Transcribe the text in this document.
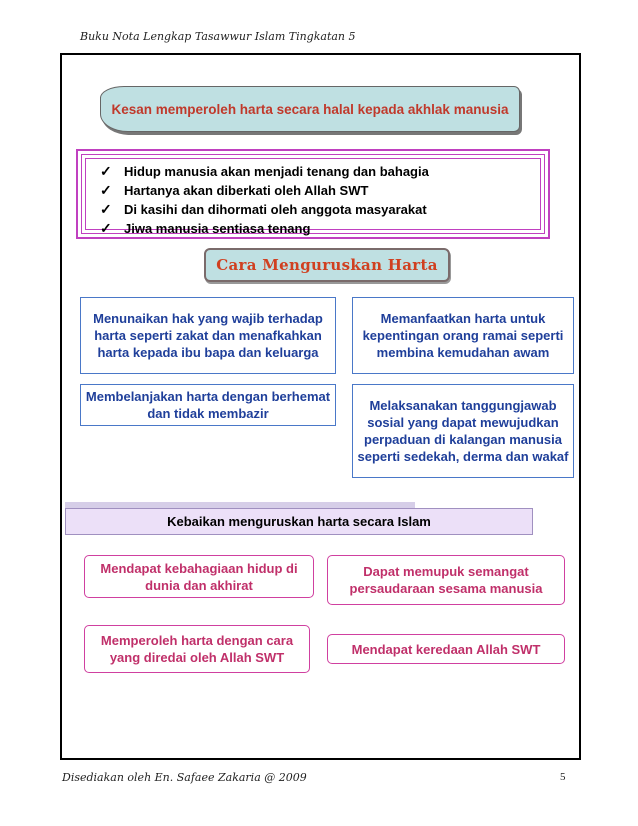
Buku Nota Lengkap Tasawwur Islam Tingkatan 5
Kesan memperoleh harta secara halal kepada akhlak manusia
✓ Hidup manusia akan menjadi tenang dan bahagia
✓ Hartanya akan diberkati oleh Allah SWT
✓ Di kasihi dan dihormati oleh anggota masyarakat
✓ Jiwa manusia sentiasa tenang
Cara Menguruskan Harta
Menunaikan hak yang wajib terhadap harta seperti zakat dan menafkahkan harta kepada ibu bapa dan keluarga
Memanfaatkan harta untuk kepentingan orang ramai seperti membina kemudahan awam
Membelanjakan harta dengan berhemat dan tidak membazir
Melaksanakan tanggungjawab sosial yang dapat mewujudkan perpaduan di kalangan manusia seperti sedekah, derma dan wakaf
Kebaikan menguruskan harta secara Islam
Mendapat kebahagiaan hidup di dunia dan akhirat
Dapat memupuk semangat persaudaraan sesama manusia
Memperoleh harta dengan cara yang diredai oleh Allah SWT
Mendapat keredaan Allah SWT
Disediakan oleh En. Safaee Zakaria @ 2009	5
